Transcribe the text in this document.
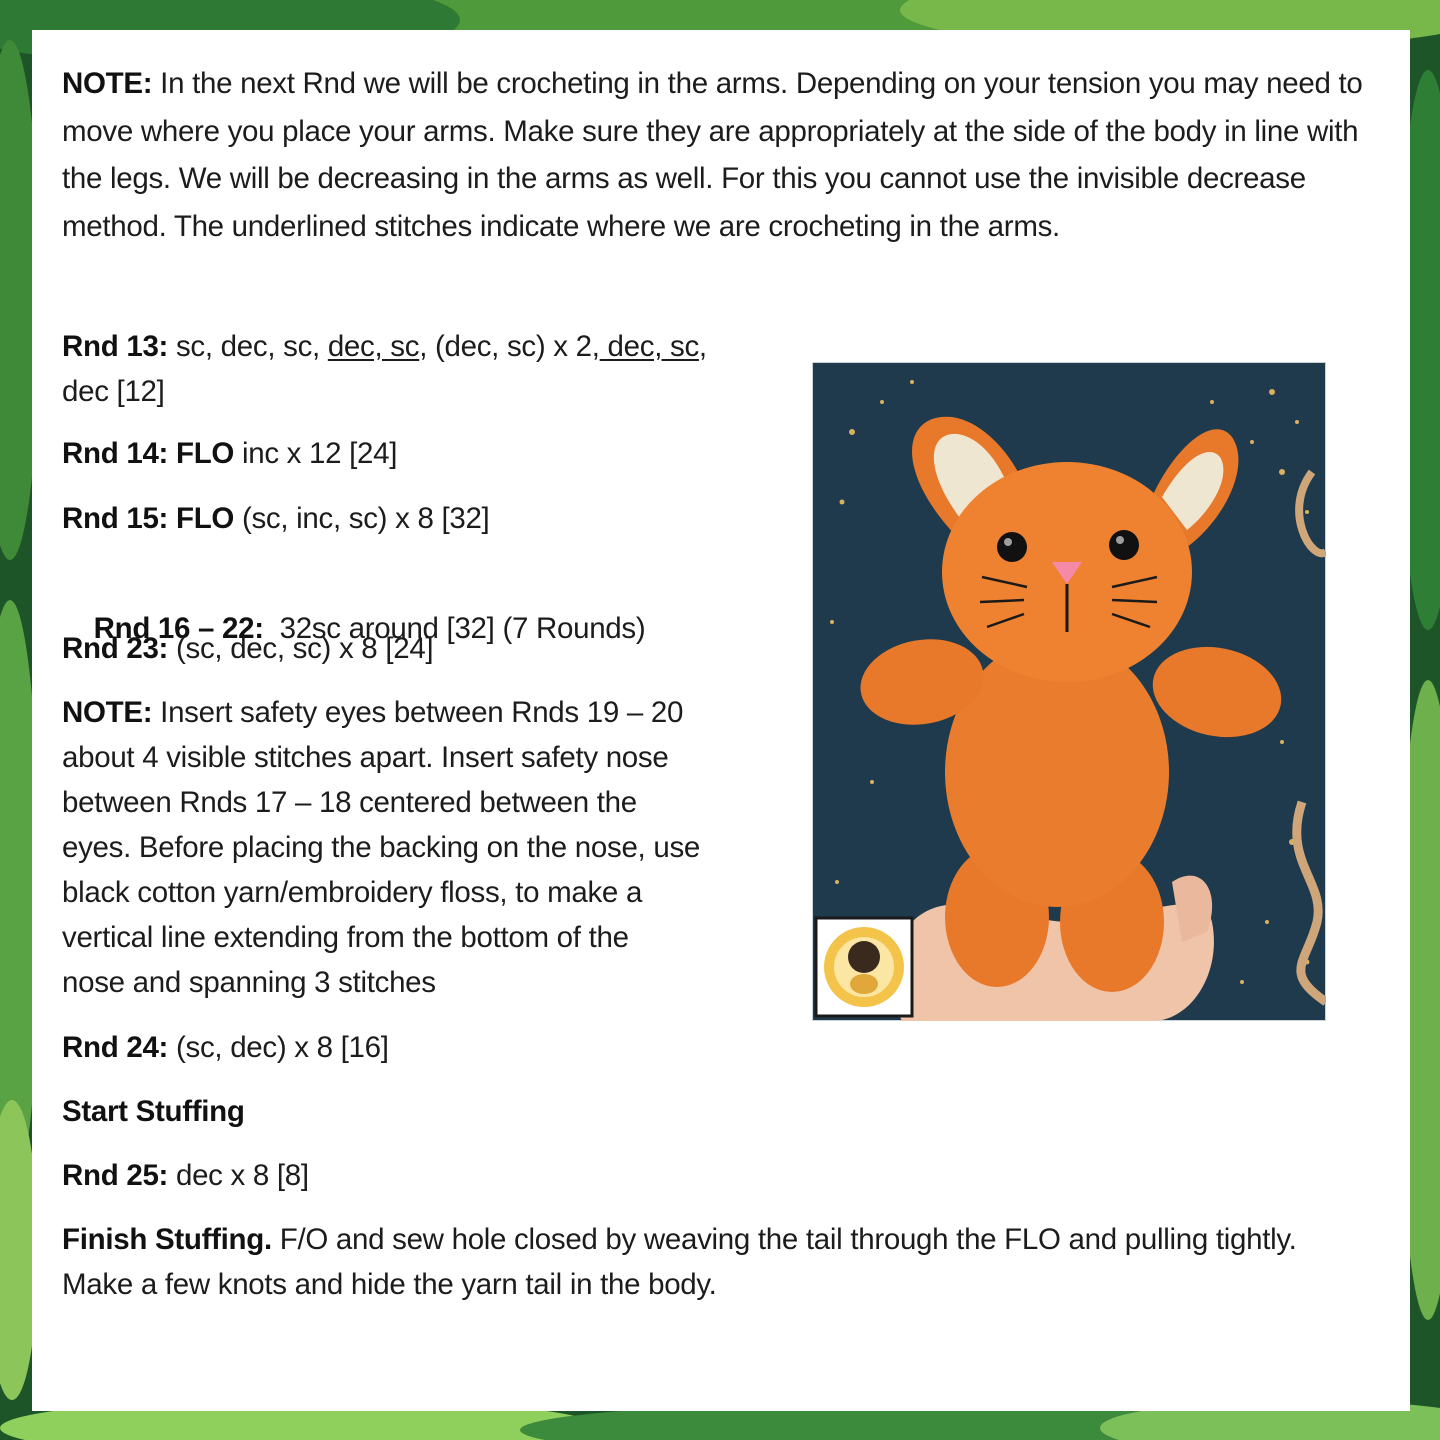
NOTE: In the next Rnd we will be crocheting in the arms. Depending on your tension you may need to move where you place your arms. Make sure they are appropriately at the side of the body in line with the legs. We will be decreasing in the arms as well. For this you cannot use the invisible decrease method. The underlined stitches indicate where we are crocheting in the arms.

Rnd 13: sc, dec, sc, dec, sc, (dec, sc) x 2, dec, sc,
dec [12]

Rnd 14: FLO inc x 12 [24]

Rnd 15: FLO (sc, inc, sc) x 8 [32]

Rnd 16 – 22:  32sc around [32] (7 Rounds)

Rnd 23: (sc, dec, sc) x 8 [24]

NOTE: Insert safety eyes between Rnds 19 – 20
about 4 visible stitches apart. Insert safety nose
between Rnds 17 – 18 centered between the
eyes. Before placing the backing on the nose, use
black cotton yarn/embroidery floss, to make a
vertical line extending from the bottom of the
nose and spanning 3 stitches

Rnd 24: (sc, dec) x 8 [16]

Start Stuffing

Rnd 25: dec x 8 [8]

Finish Stuffing. F/O and sew hole closed by weaving the tail through the FLO and pulling tightly. Make a few knots and hide the yarn tail in the body.
